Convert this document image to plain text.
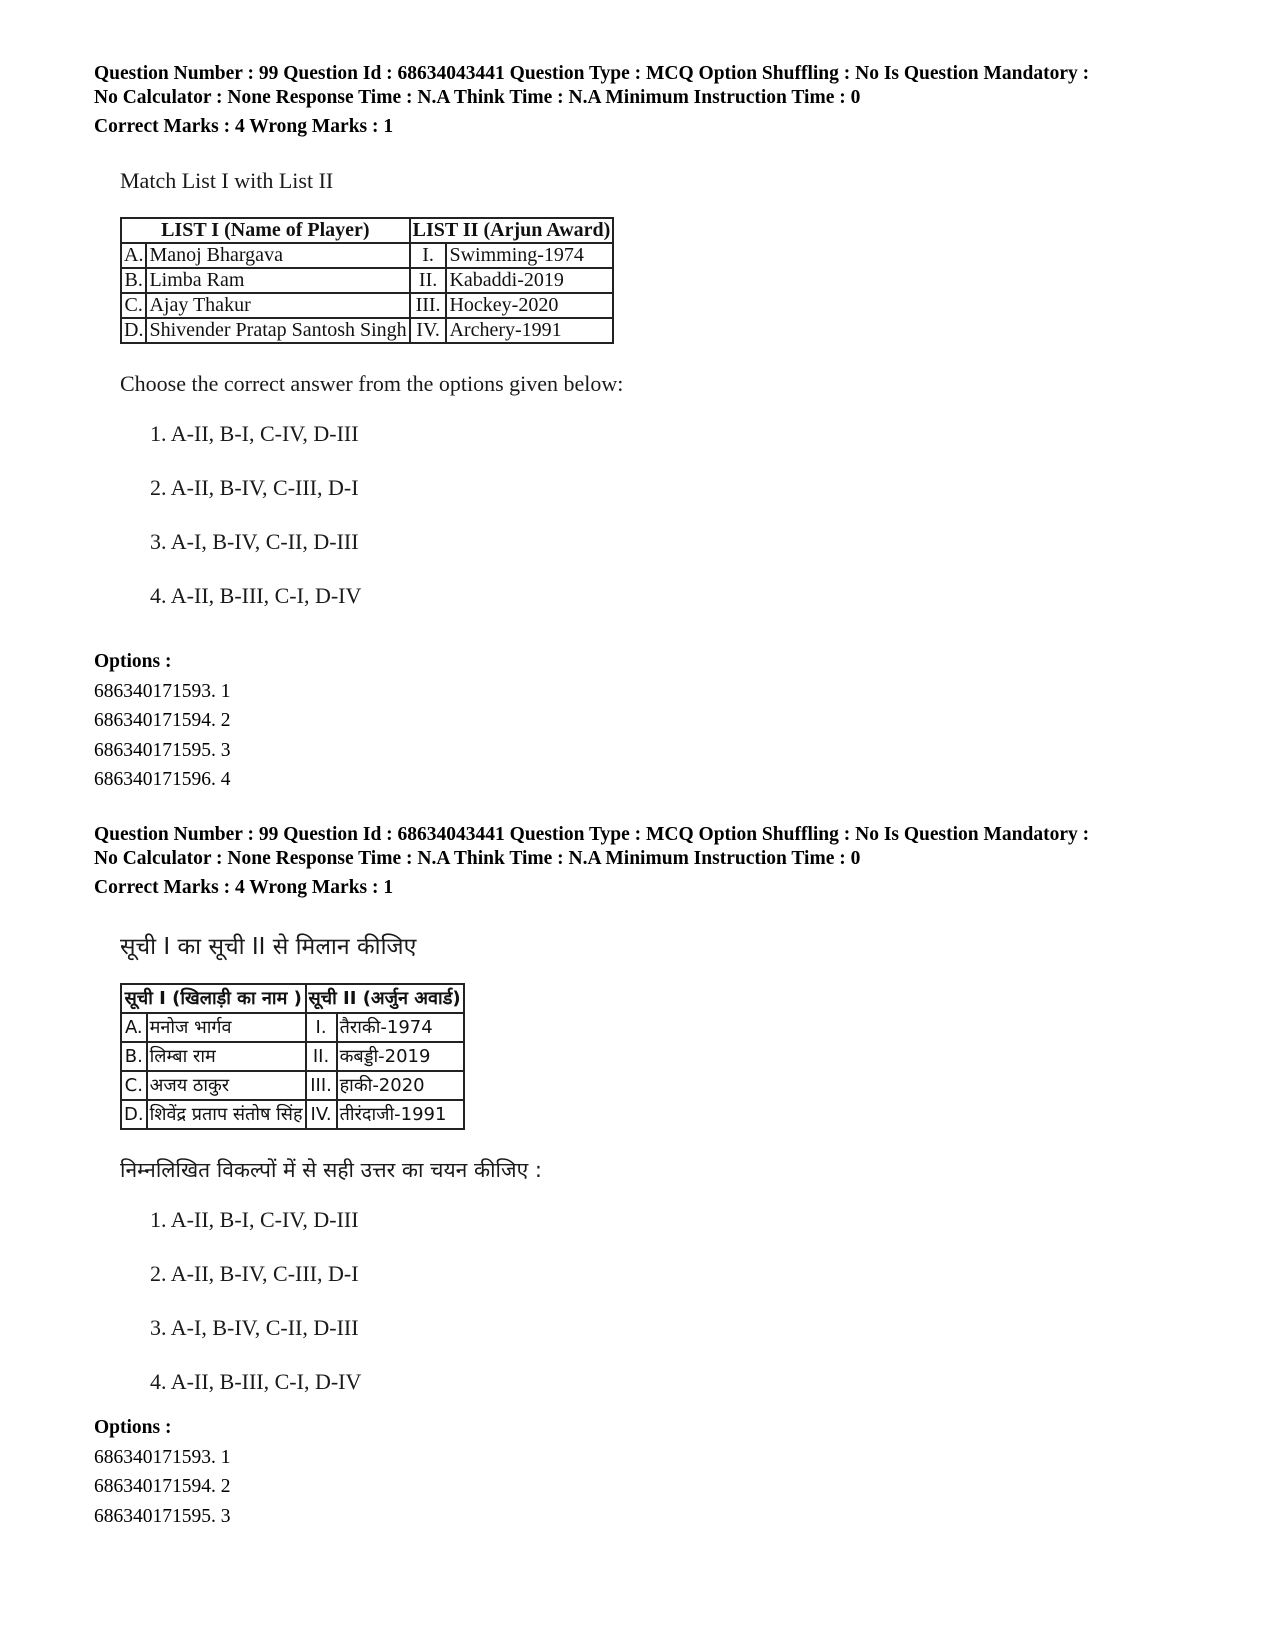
Question Number : 99 Question Id : 68634043441 Question Type : MCQ Option Shuffling : No Is Question Mandatory :
No Calculator : None Response Time : N.A Think Time : N.A Minimum Instruction Time : 0
Correct Marks : 4 Wrong Marks : 1

Match List I with List II

LIST I (Name of Player)		LIST II (Arjun Award)	
A.	Manoj Bhargava	I.	Swimming-1974
B.	Limba Ram	II.	Kabaddi-2019
C.	Ajay Thakur	III.	Hockey-2020
D.	Shivender Pratap Santosh Singh	IV.	Archery-1991

Choose the correct answer from the options given below:

1. A-II, B-I, C-IV, D-III
2. A-II, B-IV, C-III, D-I
3. A-I, B-IV, C-II, D-III
4. A-II, B-III, C-I, D-IV
Options :
686340171593. 1
686340171594. 2
686340171595. 3
686340171596. 4
Question Number : 99 Question Id : 68634043441 Question Type : MCQ Option Shuffling : No Is Question Mandatory :
No Calculator : None Response Time : N.A Think Time : N.A Minimum Instruction Time : 0
Correct Marks : 4 Wrong Marks : 1

सूची I का सूची II से मिलान कीजिए

सूची I (खिलाड़ी का नाम )		सूची II (अर्जुन अवार्ड)	
A.	मनोज भार्गव	I.	तैराकी-1974
B.	लिम्बा राम	II.	कबड्डी-2019
C.	अजय ठाकुर	III.	हाकी-2020
D.	शिवेंद्र प्रताप संतोष सिंह	IV.	तीरंदाजी-1991

निम्नलिखित विकल्पों में से सही उत्तर का चयन कीजिए :

1. A-II, B-I, C-IV, D-III
2. A-II, B-IV, C-III, D-I
3. A-I, B-IV, C-II, D-III
4. A-II, B-III, C-I, D-IV
Options :
686340171593. 1
686340171594. 2
686340171595. 3
